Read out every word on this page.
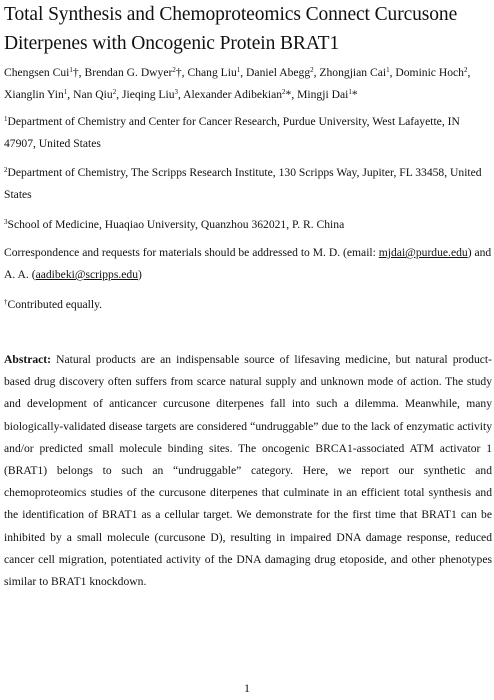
Total Synthesis and Chemoproteomics Connect Curcusone Diterpenes with Oncogenic Protein BRAT1
Chengsen Cui$^1$†, Brendan G. Dwyer$^2$†, Chang Liu$^1$, Daniel Abegg$^2$, Zhongjian Cai$^1$, Dominic Hoch$^2$, Xianglin Yin$^1$, Nan Qiu$^2$, Jieqing Liu$^3$, Alexander Adibekian$^2$*, Mingji Dai$^1$*
$^1$Department of Chemistry and Center for Cancer Research, Purdue University, West Lafayette, IN 47907, United States
$^2$Department of Chemistry, The Scripps Research Institute, 130 Scripps Way, Jupiter, FL 33458, United States
$^3$School of Medicine, Huaqiao University, Quanzhou 362021, P. R. China
Correspondence and requests for materials should be addressed to M. D. (email: mjdai@purdue.edu) and A. A. (aadibeki@scripps.edu)
†Contributed equally.
Abstract: Natural products are an indispensable source of lifesaving medicine, but natural product-based drug discovery often suffers from scarce natural supply and unknown mode of action. The study and development of anticancer curcusone diterpenes fall into such a dilemma. Meanwhile, many biologically-validated disease targets are considered “undruggable” due to the lack of enzymatic activity and/or predicted small molecule binding sites. The oncogenic BRCA1-associated ATM activator 1 (BRAT1) belongs to such an “undruggable” category. Here, we report our synthetic and chemoproteomics studies of the curcusone diterpenes that culminate in an efficient total synthesis and the identification of BRAT1 as a cellular target. We demonstrate for the first time that BRAT1 can be inhibited by a small molecule (curcusone D), resulting in impaired DNA damage response, reduced cancer cell migration, potentiated activity of the DNA damaging drug etoposide, and other phenotypes similar to BRAT1 knockdown.
1
